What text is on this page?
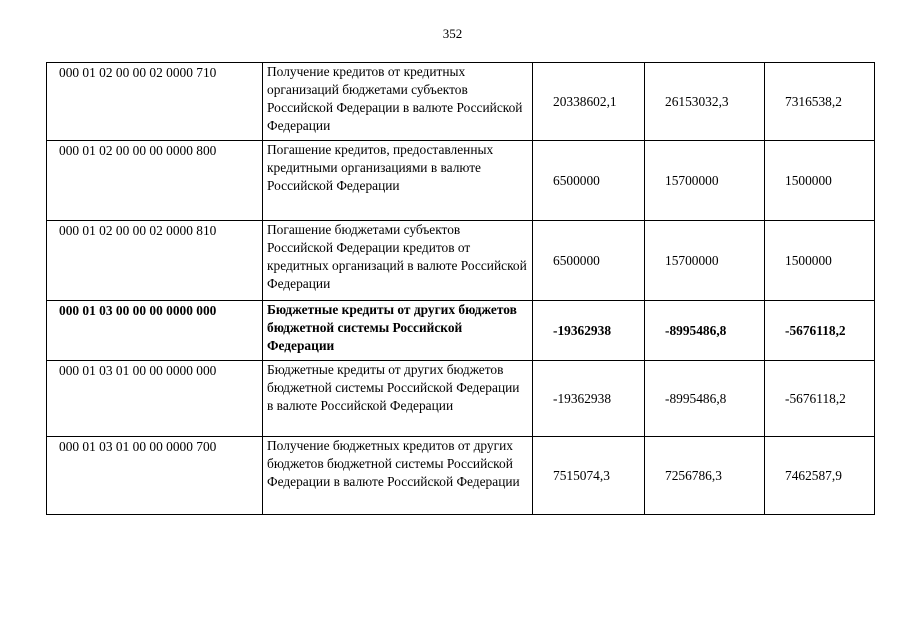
352
000 01 02 00 00 02 0000 710	Получение кредитов от кредитных организаций бюджетами субъектов Российской Федерации в валюте Российской Федерации	20338602,1	26153032,3	7316538,2
000 01 02 00 00 00 0000 800	Погашение кредитов, предоставленных кредитными организациями в валюте Российской Федерации	6500000	15700000	1500000
000 01 02 00 00 02 0000 810	Погашение бюджетами субъектов Российской Федерации кредитов от кредитных организаций в валюте Российской Федерации	6500000	15700000	1500000
000 01 03 00 00 00 0000 000	Бюджетные кредиты от других бюджетов бюджетной системы Российской Федерации	-19362938	-8995486,8	-5676118,2
000 01 03 01 00 00 0000 000	Бюджетные кредиты от других бюджетов бюджетной системы Российской Федерации в валюте Российской Федерации	-19362938	-8995486,8	-5676118,2
000 01 03 01 00 00 0000 700	Получение бюджетных кредитов от других бюджетов бюджетной системы Российской Федерации в валюте Российской Федерации	7515074,3	7256786,3	7462587,9
